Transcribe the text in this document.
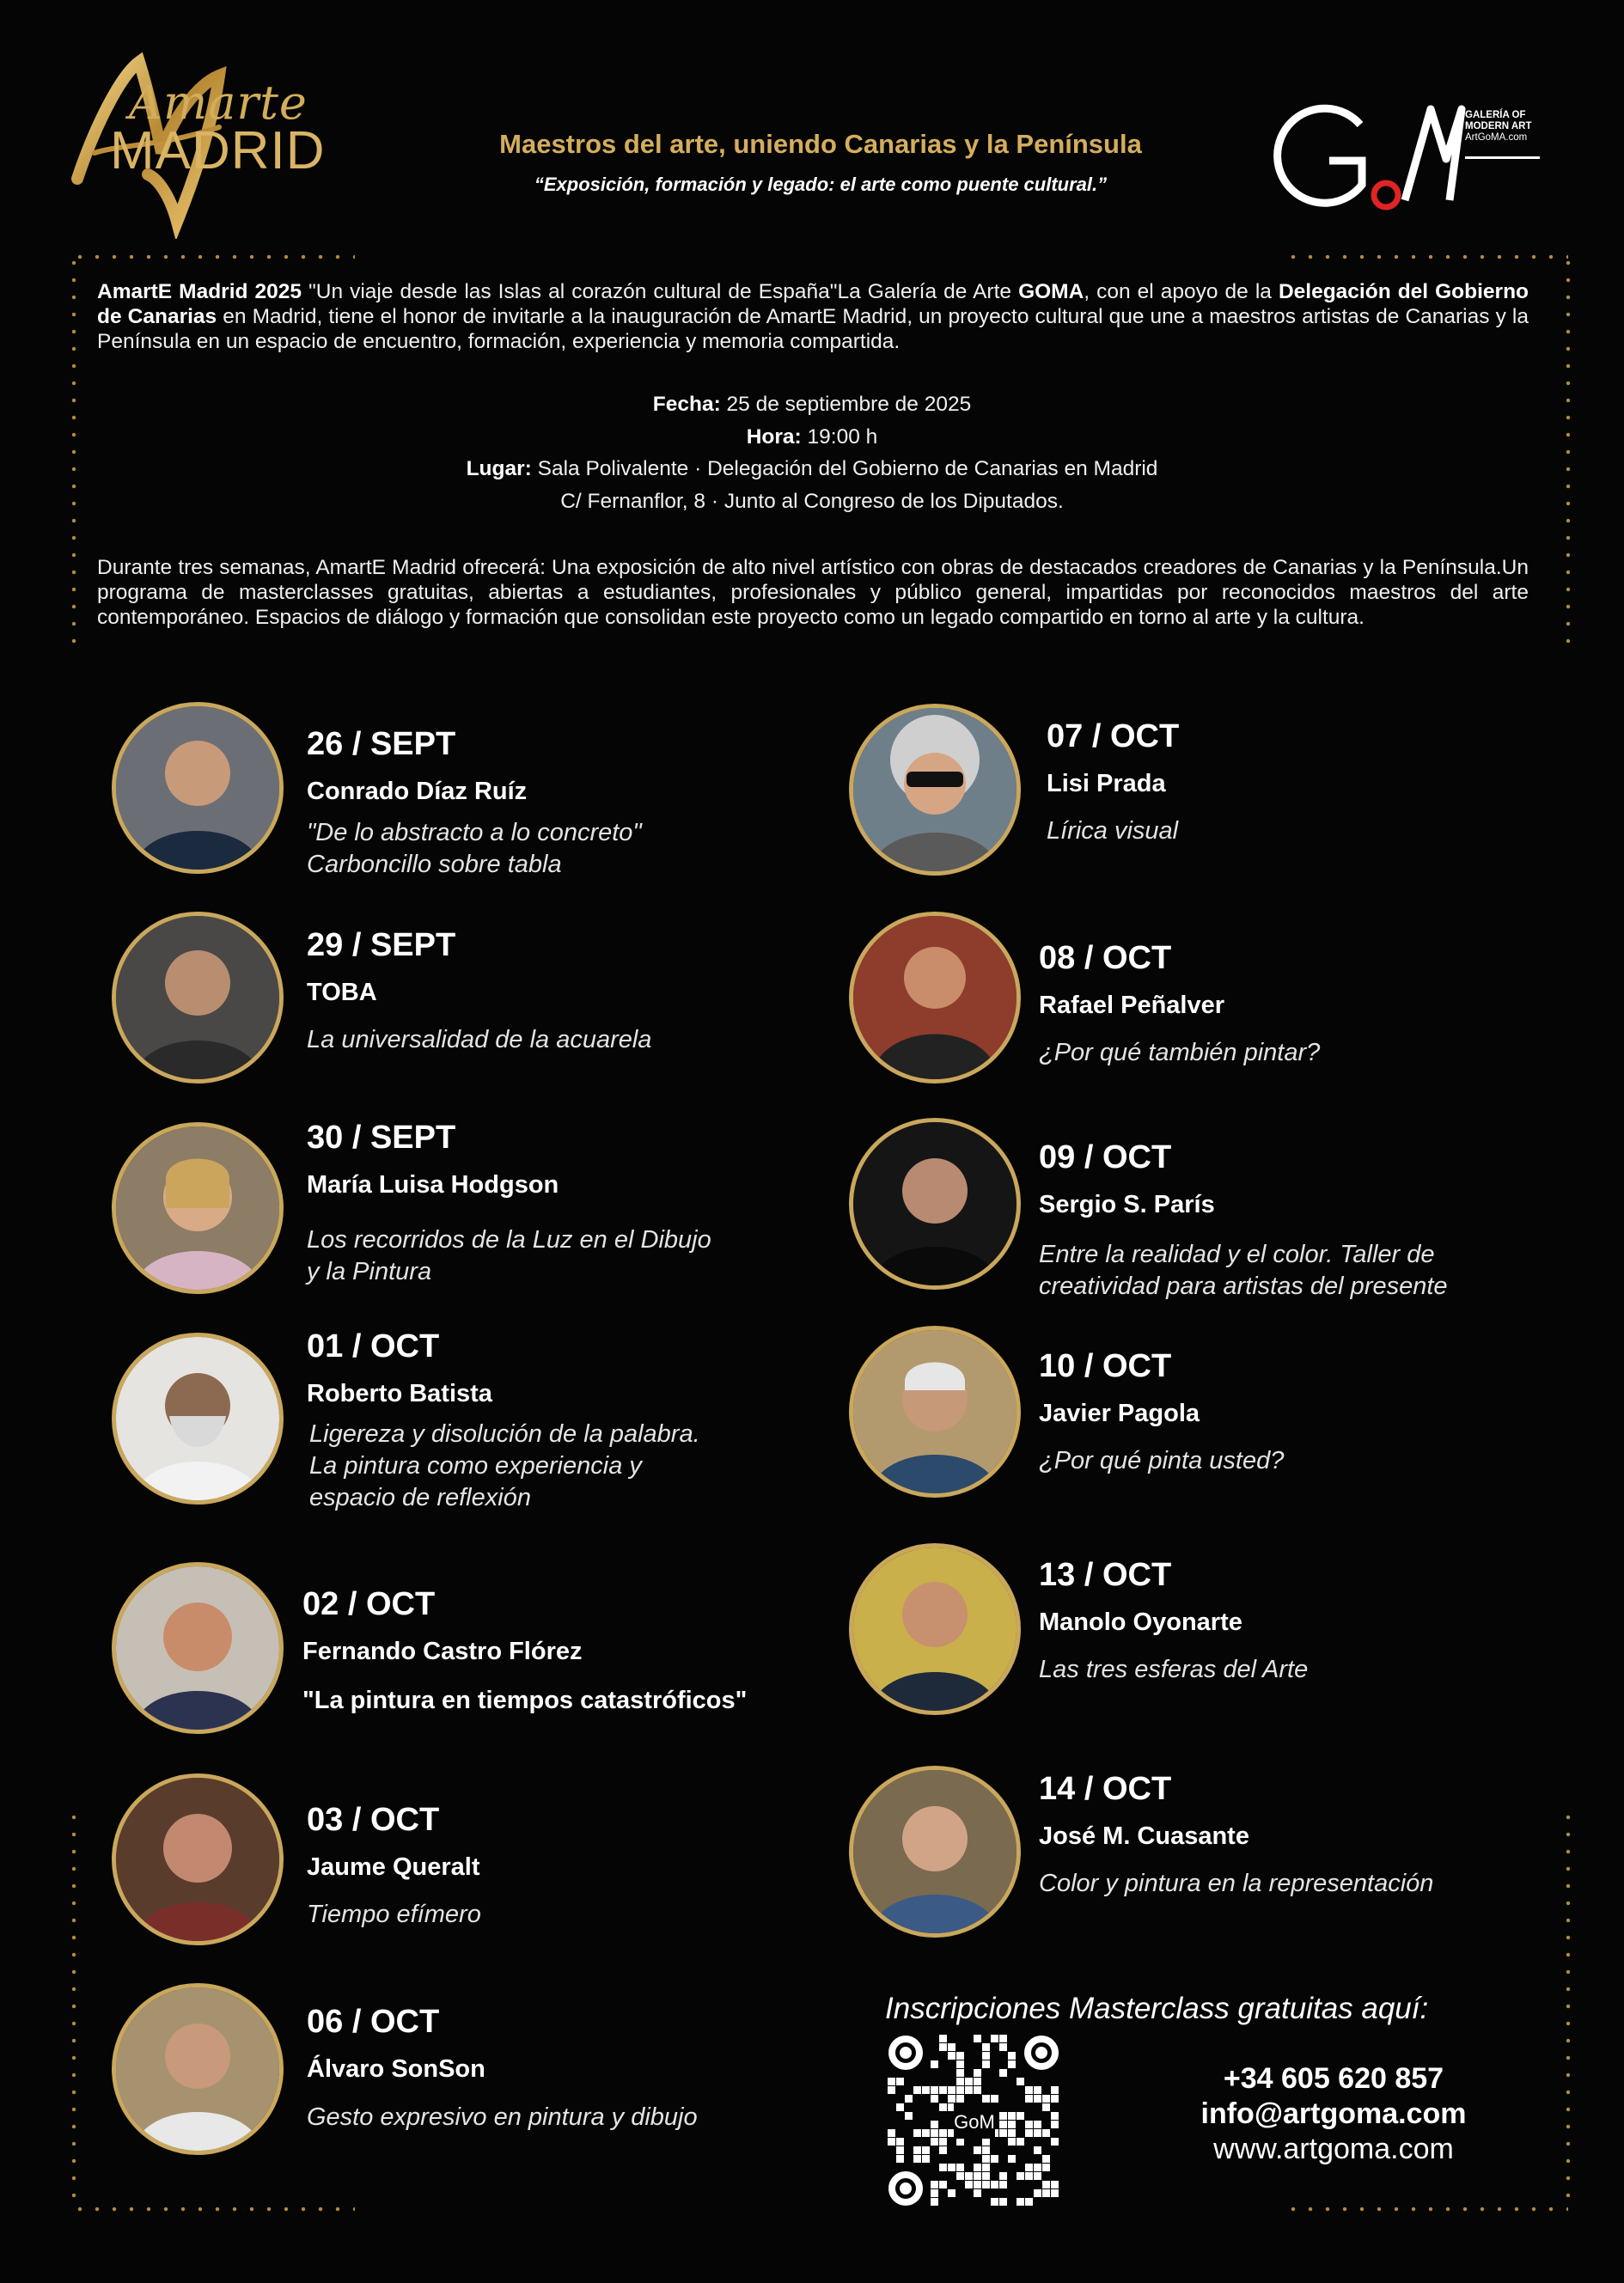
Amarte
MADRID	Maestros del arte, uniendo Canarias y la Península
“Exposición, formación y legado: el arte como puente cultural.”
GALERÍA OF
MODERN ART
ArtGoMA.com
AmartE Madrid 2025 "Un viaje desde las Islas al corazón cultural de España"La Galería de Arte GOMA, con el apoyo de la Delegación del Gobierno de Canarias en Madrid, tiene el honor de invitarle a la inauguración de AmartE Madrid, un proyecto cultural que une a maestros artistas de Canarias y la Península en un espacio de encuentro, formación, experiencia y memoria compartida.
Fecha: 25 de septiembre de 2025
Hora: 19:00 h
Lugar: Sala Polivalente · Delegación del Gobierno de Canarias en Madrid
C/ Fernanflor, 8 · Junto al Congreso de los Diputados.
Durante tres semanas, AmartE Madrid ofrecerá: Una exposición de alto nivel artístico con obras de destacados creadores de Canarias y la Península.Un programa de masterclasses gratuitas, abiertas a estudiantes, profesionales y público general, impartidas por reconocidos maestros del arte contemporáneo. Espacios de diálogo y formación que consolidan este proyecto como un legado compartido en torno al arte y la cultura.
26 / SEPT
Conrado Díaz Ruíz
"De lo abstracto a lo concreto"
Carboncillo sobre tabla
29 / SEPT
TOBA
La universalidad de la acuarela
30 / SEPT
María Luisa Hodgson
Los recorridos de la Luz en el Dibujo
y la Pintura
01 / OCT
Roberto Batista
Ligereza y disolución de la palabra.
La pintura como experiencia y
espacio de reflexión
02 / OCT
Fernando Castro Flórez
"La pintura en tiempos catastróficos"
03 / OCT
Jaume Queralt
Tiempo efímero
06 / OCT
Álvaro SonSon
Gesto expresivo en pintura y dibujo
07 / OCT
Lisi Prada
Lírica visual
08 / OCT
Rafael Peñalver
¿Por qué también pintar?
09 / OCT
Sergio S. París
Entre la realidad y el color. Taller de
creatividad para artistas del presente
10 / OCT
Javier Pagola
¿Por qué pinta usted?
13 / OCT
Manolo Oyonarte
Las tres esferas del Arte
14 / OCT
José M. Cuasante
Color y pintura en la representación
Inscripciones Masterclass gratuitas aquí:
GoM
+34 605 620 857
info@artgoma.com
www.artgoma.com
